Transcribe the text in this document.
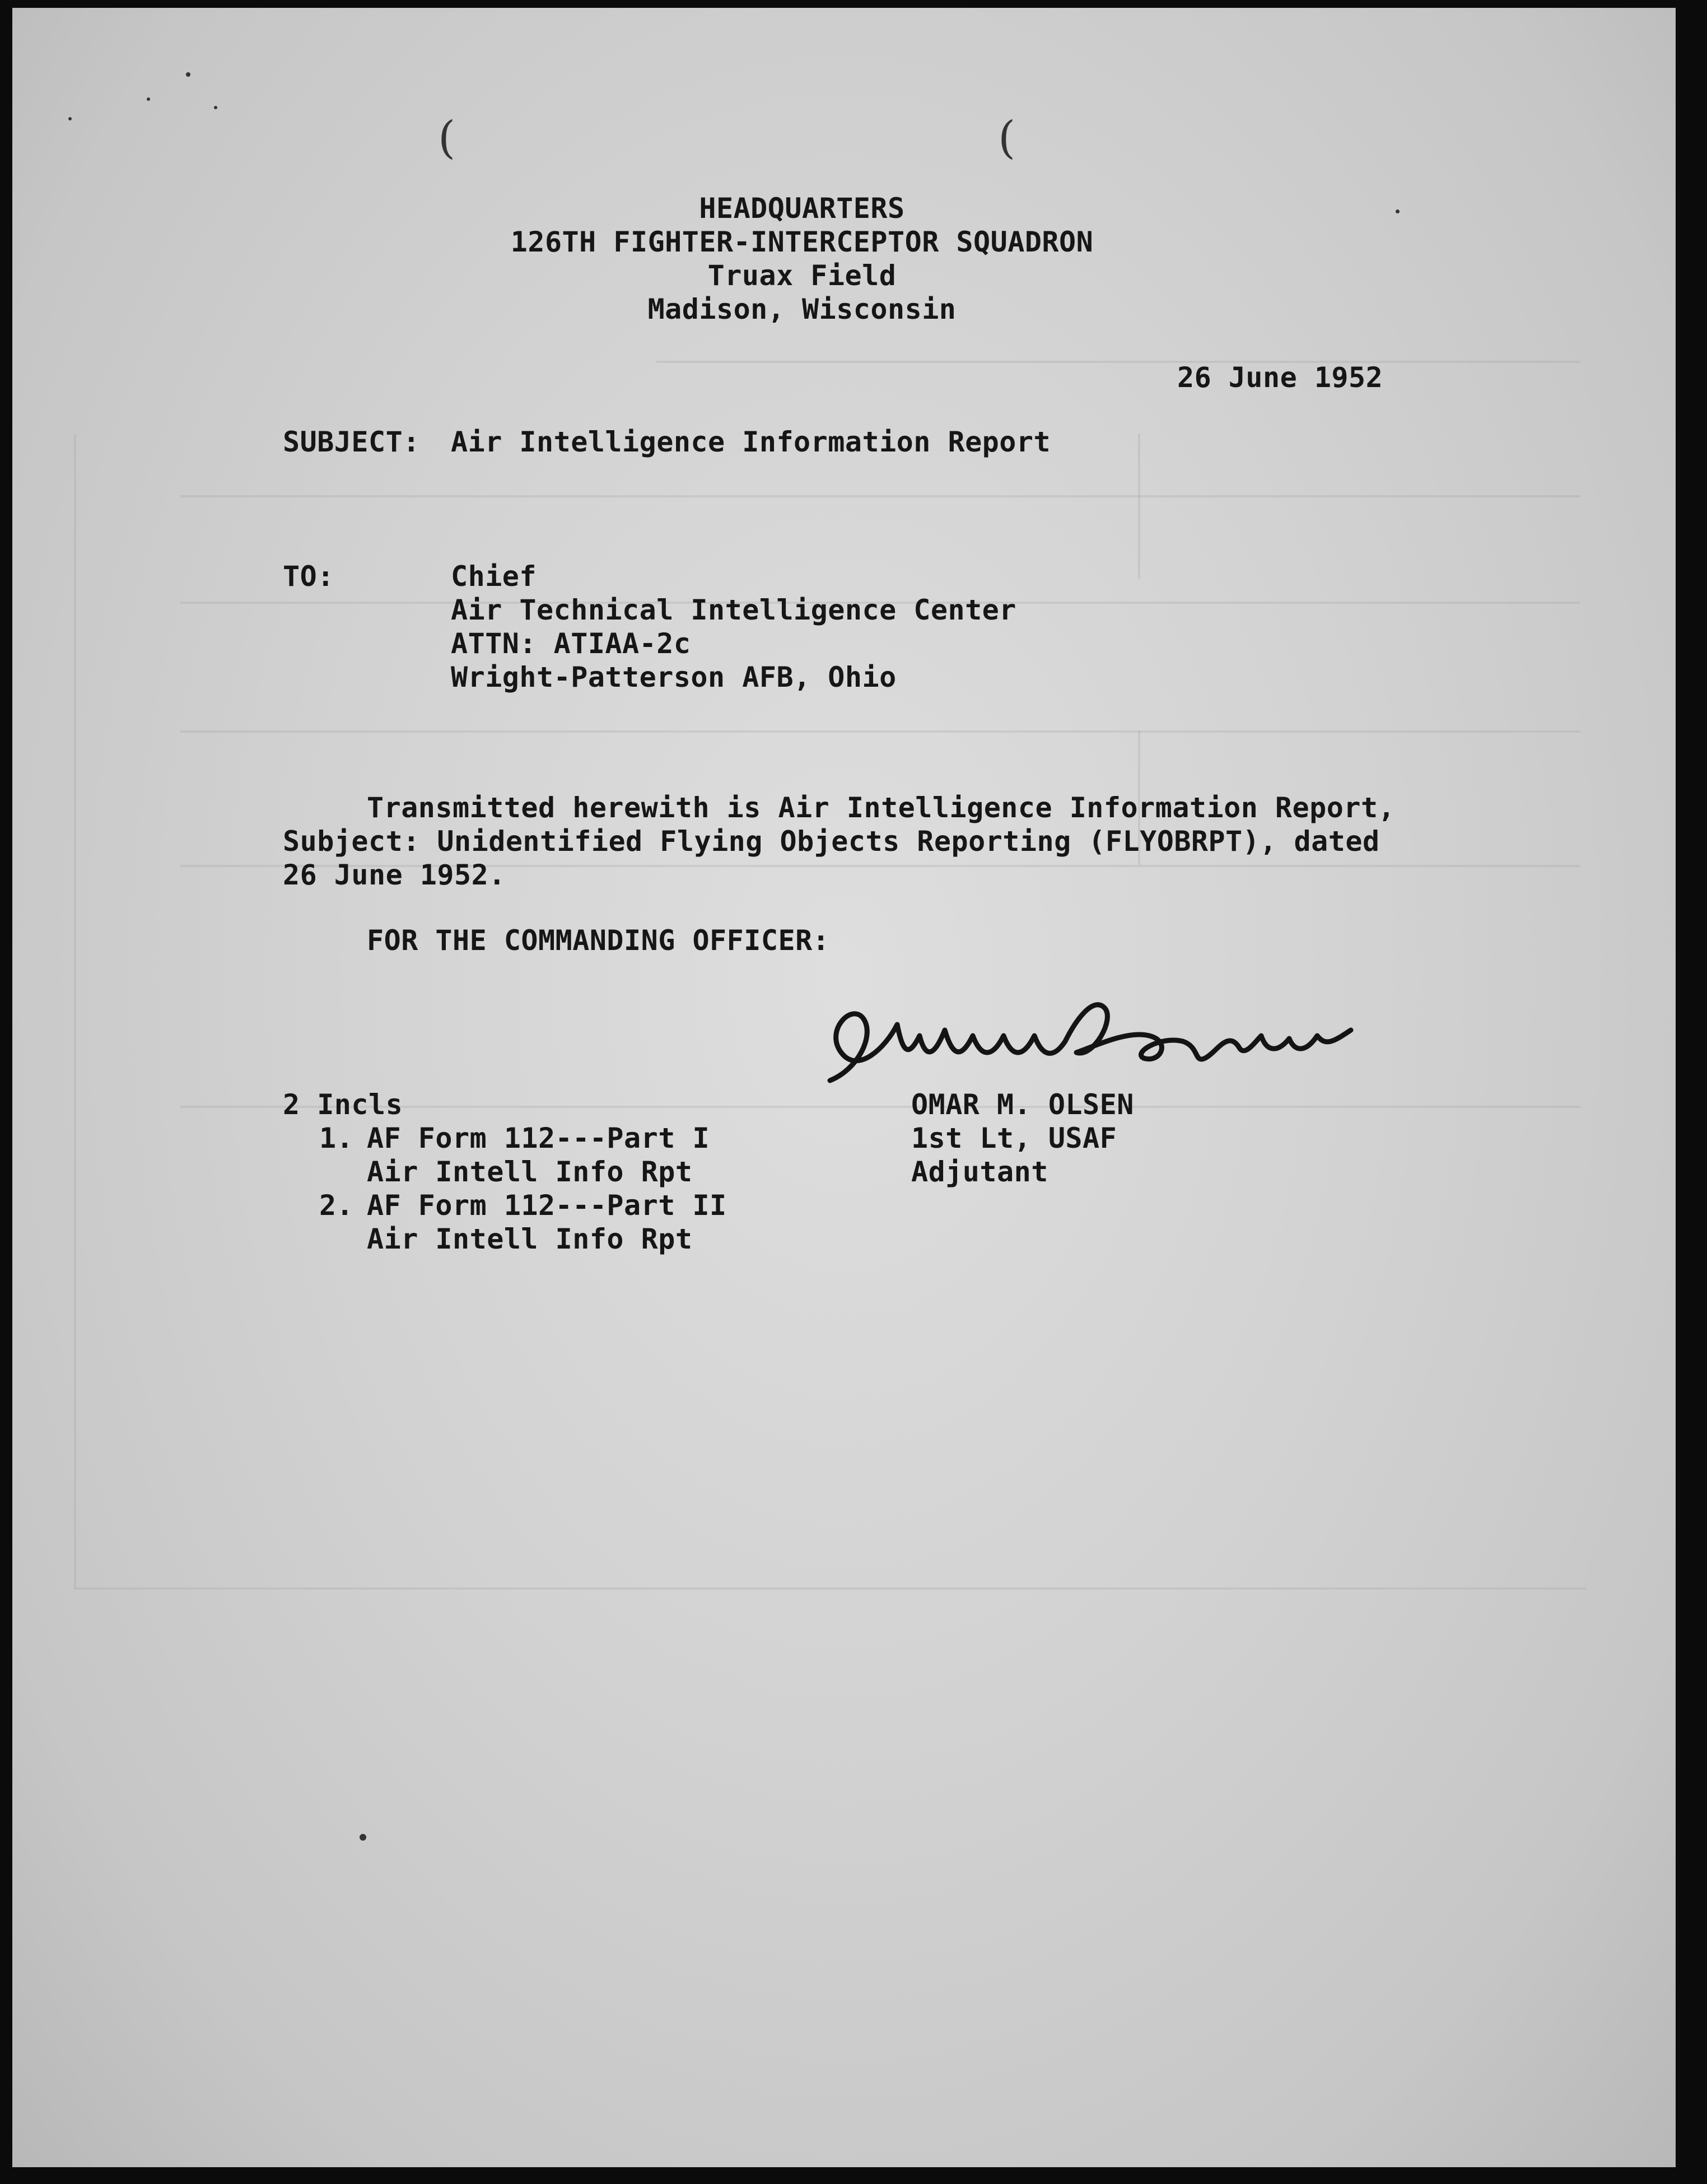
(	(
HEADQUARTERS
126TH FIGHTER-INTERCEPTOR SQUADRON
Truax Field
Madison, Wisconsin
26 June 1952
SUBJECT: Air Intelligence Information Report
TO:	Chief
Air Technical Intelligence Center
ATTN: ATIAA-2c
Wright-Patterson AFB, Ohio
Transmitted herewith is Air Intelligence Information Report,
Subject: Unidentified Flying Objects Reporting (FLYOBRPT), dated
26 June 1952.
FOR THE COMMANDING OFFICER:
OMAR M. OLSEN
1st Lt, USAF
Adjutant
2 Incls
1. AF Form 112---Part I
Air Intell Info Rpt
2. AF Form 112---Part II
Air Intell Info Rpt
